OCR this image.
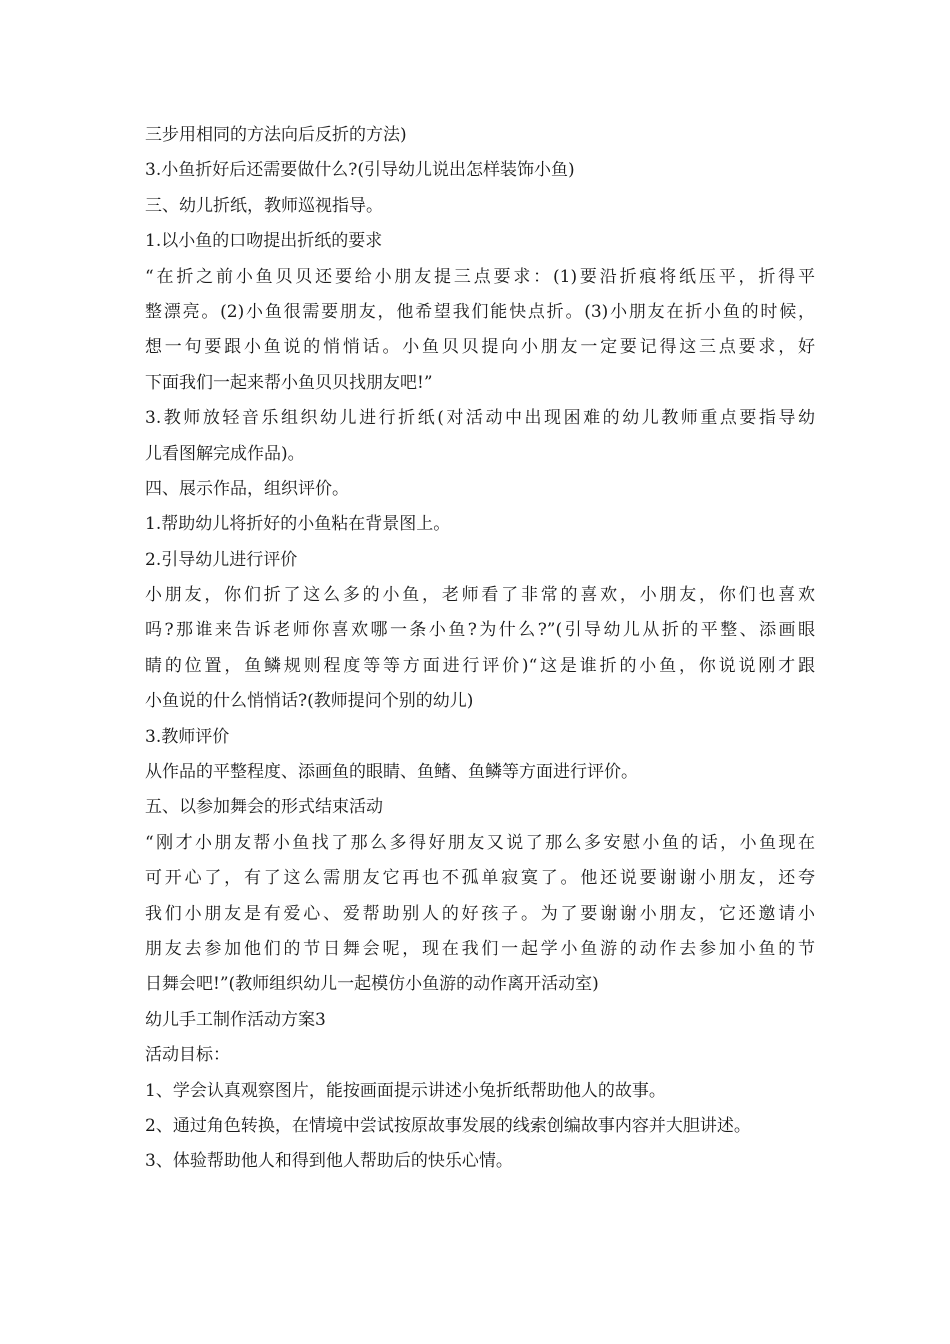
三步用相同的方法向后反折的方法)
3.小鱼折好后还需要做什么?(引导幼儿说出怎样装饰小鱼)
三、幼儿折纸，教师巡视指导。
1.以小鱼的口吻提出折纸的要求
“在折之前小鱼贝贝还要给小朋友提三点要求：(1)要沿折痕将纸压平，折得平
整漂亮。(2)小鱼很需要朋友，他希望我们能快点折。(3)小朋友在折小鱼的时候，
想一句要跟小鱼说的悄悄话。小鱼贝贝提向小朋友一定要记得这三点要求，好
下面我们一起来帮小鱼贝贝找朋友吧!”
3.教师放轻音乐组织幼儿进行折纸(对活动中出现困难的幼儿教师重点要指导幼
儿看图解完成作品)。
四、展示作品，组织评价。
1.帮助幼儿将折好的小鱼粘在背景图上。
2.引导幼儿进行评价
小朋友，你们折了这么多的小鱼，老师看了非常的喜欢，小朋友，你们也喜欢
吗?那谁来告诉老师你喜欢哪一条小鱼?为什么?”(引导幼儿从折的平整、添画眼
睛的位置，鱼鳞规则程度等等方面进行评价)“这是谁折的小鱼，你说说刚才跟
小鱼说的什么悄悄话?(教师提问个别的幼儿)
3.教师评价
从作品的平整程度、添画鱼的眼睛、鱼鳍、鱼鳞等方面进行评价。
五、以参加舞会的形式结束活动
“刚才小朋友帮小鱼找了那么多得好朋友又说了那么多安慰小鱼的话，小鱼现在
可开心了，有了这么需朋友它再也不孤单寂寞了。他还说要谢谢小朋友，还夸
我们小朋友是有爱心、爱帮助别人的好孩子。为了要谢谢小朋友，它还邀请小
朋友去参加他们的节日舞会呢，现在我们一起学小鱼游的动作去参加小鱼的节
日舞会吧!”(教师组织幼儿一起模仿小鱼游的动作离开活动室)
幼儿手工制作活动方案3
活动目标：
1、学会认真观察图片，能按画面提示讲述小兔折纸帮助他人的故事。
2、通过角色转换，在情境中尝试按原故事发展的线索创编故事内容并大胆讲述。
3、体验帮助他人和得到他人帮助后的快乐心情。
